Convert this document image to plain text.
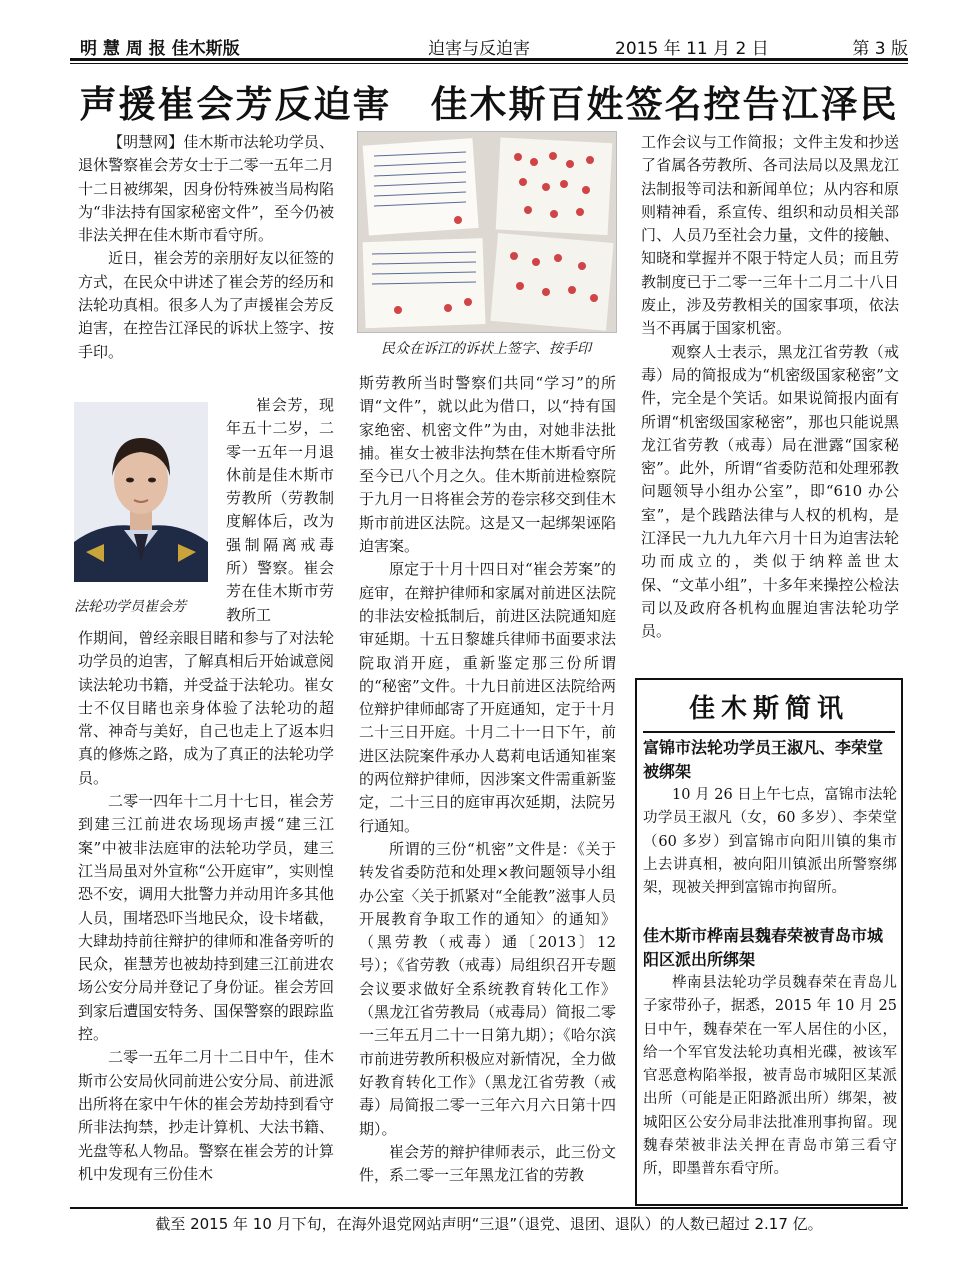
明 慧 周 报 佳木斯版	迫害与反迫害	2015 年 11 月 2 日	第 3 版
声援崔会芳反迫害　佳木斯百姓签名控告江泽民

【明慧网】佳木斯市法轮功学员、退休警察崔会芳女士于二零一五年二月十二日被绑架，因身份特殊被当局构陷为“非法持有国家秘密文件”，至今仍被非法关押在佳木斯市看守所。

近日，崔会芳的亲朋好友以征签的方式，在民众中讲述了崔会芳的经历和法轮功真相。很多人为了声援崔会芳反迫害，在控告江泽民的诉状上签字、按手印。

法轮功学员崔会芳

崔会芳，现年五十二岁，二零一五年一月退休前是佳木斯市劳教所（劳教制度解体后，改为强制隔离戒毒所）警察。崔会芳在佳木斯市劳教所工

作期间，曾经亲眼目睹和参与了对法轮功学员的迫害，了解真相后开始诚意阅读法轮功书籍，并受益于法轮功。崔女士不仅目睹也亲身体验了法轮功的超常、神奇与美好，自己也走上了返本归真的修炼之路，成为了真正的法轮功学员。

二零一四年十二月十七日，崔会芳到建三江前进农场现场声援“建三江案”中被非法庭审的法轮功学员，建三江当局虽对外宣称“公开庭审”，实则惶恐不安，调用大批警力并动用许多其他人员，围堵恐吓当地民众，设卡堵截，大肆劫持前往辩护的律师和准备旁听的民众，崔慧芳也被劫持到建三江前进农场公安分局并登记了身份证。崔会芳回到家后遭国安特务、国保警察的跟踪监控。

二零一五年二月十二日中午，佳木斯市公安局伙同前进公安分局、前进派出所将在家中午休的崔会芳劫持到看守所非法拘禁，抄走计算机、大法书籍、光盘等私人物品。警察在崔会芳的计算机中发现有三份佳木

民众在诉江的诉状上签字、按手印

斯劳教所当时警察们共同“学习”的所谓“文件”，就以此为借口，以“持有国家绝密、机密文件”为由，对她非法批捕。崔女士被非法拘禁在佳木斯看守所至今已八个月之久。佳木斯前进检察院于九月一日将崔会芳的卷宗移交到佳木斯市前进区法院。这是又一起绑架诬陷迫害案。

原定于十月十四日对“崔会芳案”的庭审，在辩护律师和家属对前进区法院的非法安检抵制后，前进区法院通知庭审延期。十五日黎雄兵律师书面要求法院取消开庭，重新鉴定那三份所谓的“秘密”文件。十九日前进区法院给两位辩护律师邮寄了开庭通知，定于十月二十三日开庭。十月二十一日下午，前进区法院案件承办人葛莉电话通知崔案的两位辩护律师，因涉案文件需重新鉴定，二十三日的庭审再次延期，法院另行通知。

所谓的三份“机密”文件是：《关于转发省委防范和处理×教问题领导小组办公室〈关于抓紧对“全能教”滋事人员开展教育争取工作的通知〉的通知》（黑劳教（戒毒）通〔2013〕12 号）；《省劳教（戒毒）局组织召开专题会议要求做好全系统教育转化工作》（黑龙江省劳教局（戒毒局）简报二零一三年五月二十一日第九期）；《哈尔滨市前进劳教所积极应对新情况，全力做好教育转化工作》（黑龙江省劳教（戒毒）局简报二零一三年六月六日第十四期）。

崔会芳的辩护律师表示，此三份文件，系二零一三年黑龙江省的劳教

工作会议与工作简报；文件主发和抄送了省属各劳教所、各司法局以及黑龙江法制报等司法和新闻单位；从内容和原则精神看，系宣传、组织和动员相关部门、人员乃至社会力量，文件的接触、知晓和掌握并不限于特定人员；而且劳教制度已于二零一三年十二月二十八日废止，涉及劳教相关的国家事项，依法当不再属于国家机密。

观察人士表示，黑龙江省劳教（戒毒）局的简报成为“机密级国家秘密”文件，完全是个笑话。如果说简报内面有所谓“机密级国家秘密”，那也只能说黑龙江省劳教（戒毒）局在泄露“国家秘密”。此外，所谓“省委防范和处理邪教问题领导小组办公室”，即“610 办公室”，是个践踏法律与人权的机构，是江泽民一九九九年六月十日为迫害法轮功而成立的，类似于纳粹盖世太保、“文革小组”，十多年来操控公检法司以及政府各机构血腥迫害法轮功学员。

佳木斯简讯
富锦市法轮功学员王淑凡、李荣堂被绑架

10 月 26 日上午七点，富锦市法轮功学员王淑凡（女，60 多岁）、李荣堂（60 多岁）到富锦市向阳川镇的集市上去讲真相，被向阳川镇派出所警察绑架，现被关押到富锦市拘留所。

佳木斯市桦南县魏春荣被青岛市城阳区派出所绑架

桦南县法轮功学员魏春荣在青岛儿子家带孙子，据悉，2015 年 10 月 25 日中午，魏春荣在一军人居住的小区，给一个军官发法轮功真相光碟，被该军官恶意构陷举报，被青岛市城阳区某派出所（可能是正阳路派出所）绑架，被城阳区公安分局非法批准刑事拘留。现魏春荣被非法关押在青岛市第三看守所，即墨普东看守所。

截至 2015 年 10 月下旬，在海外退党网站声明“三退”（退党、退团、退队）的人数已超过 2.17 亿。
